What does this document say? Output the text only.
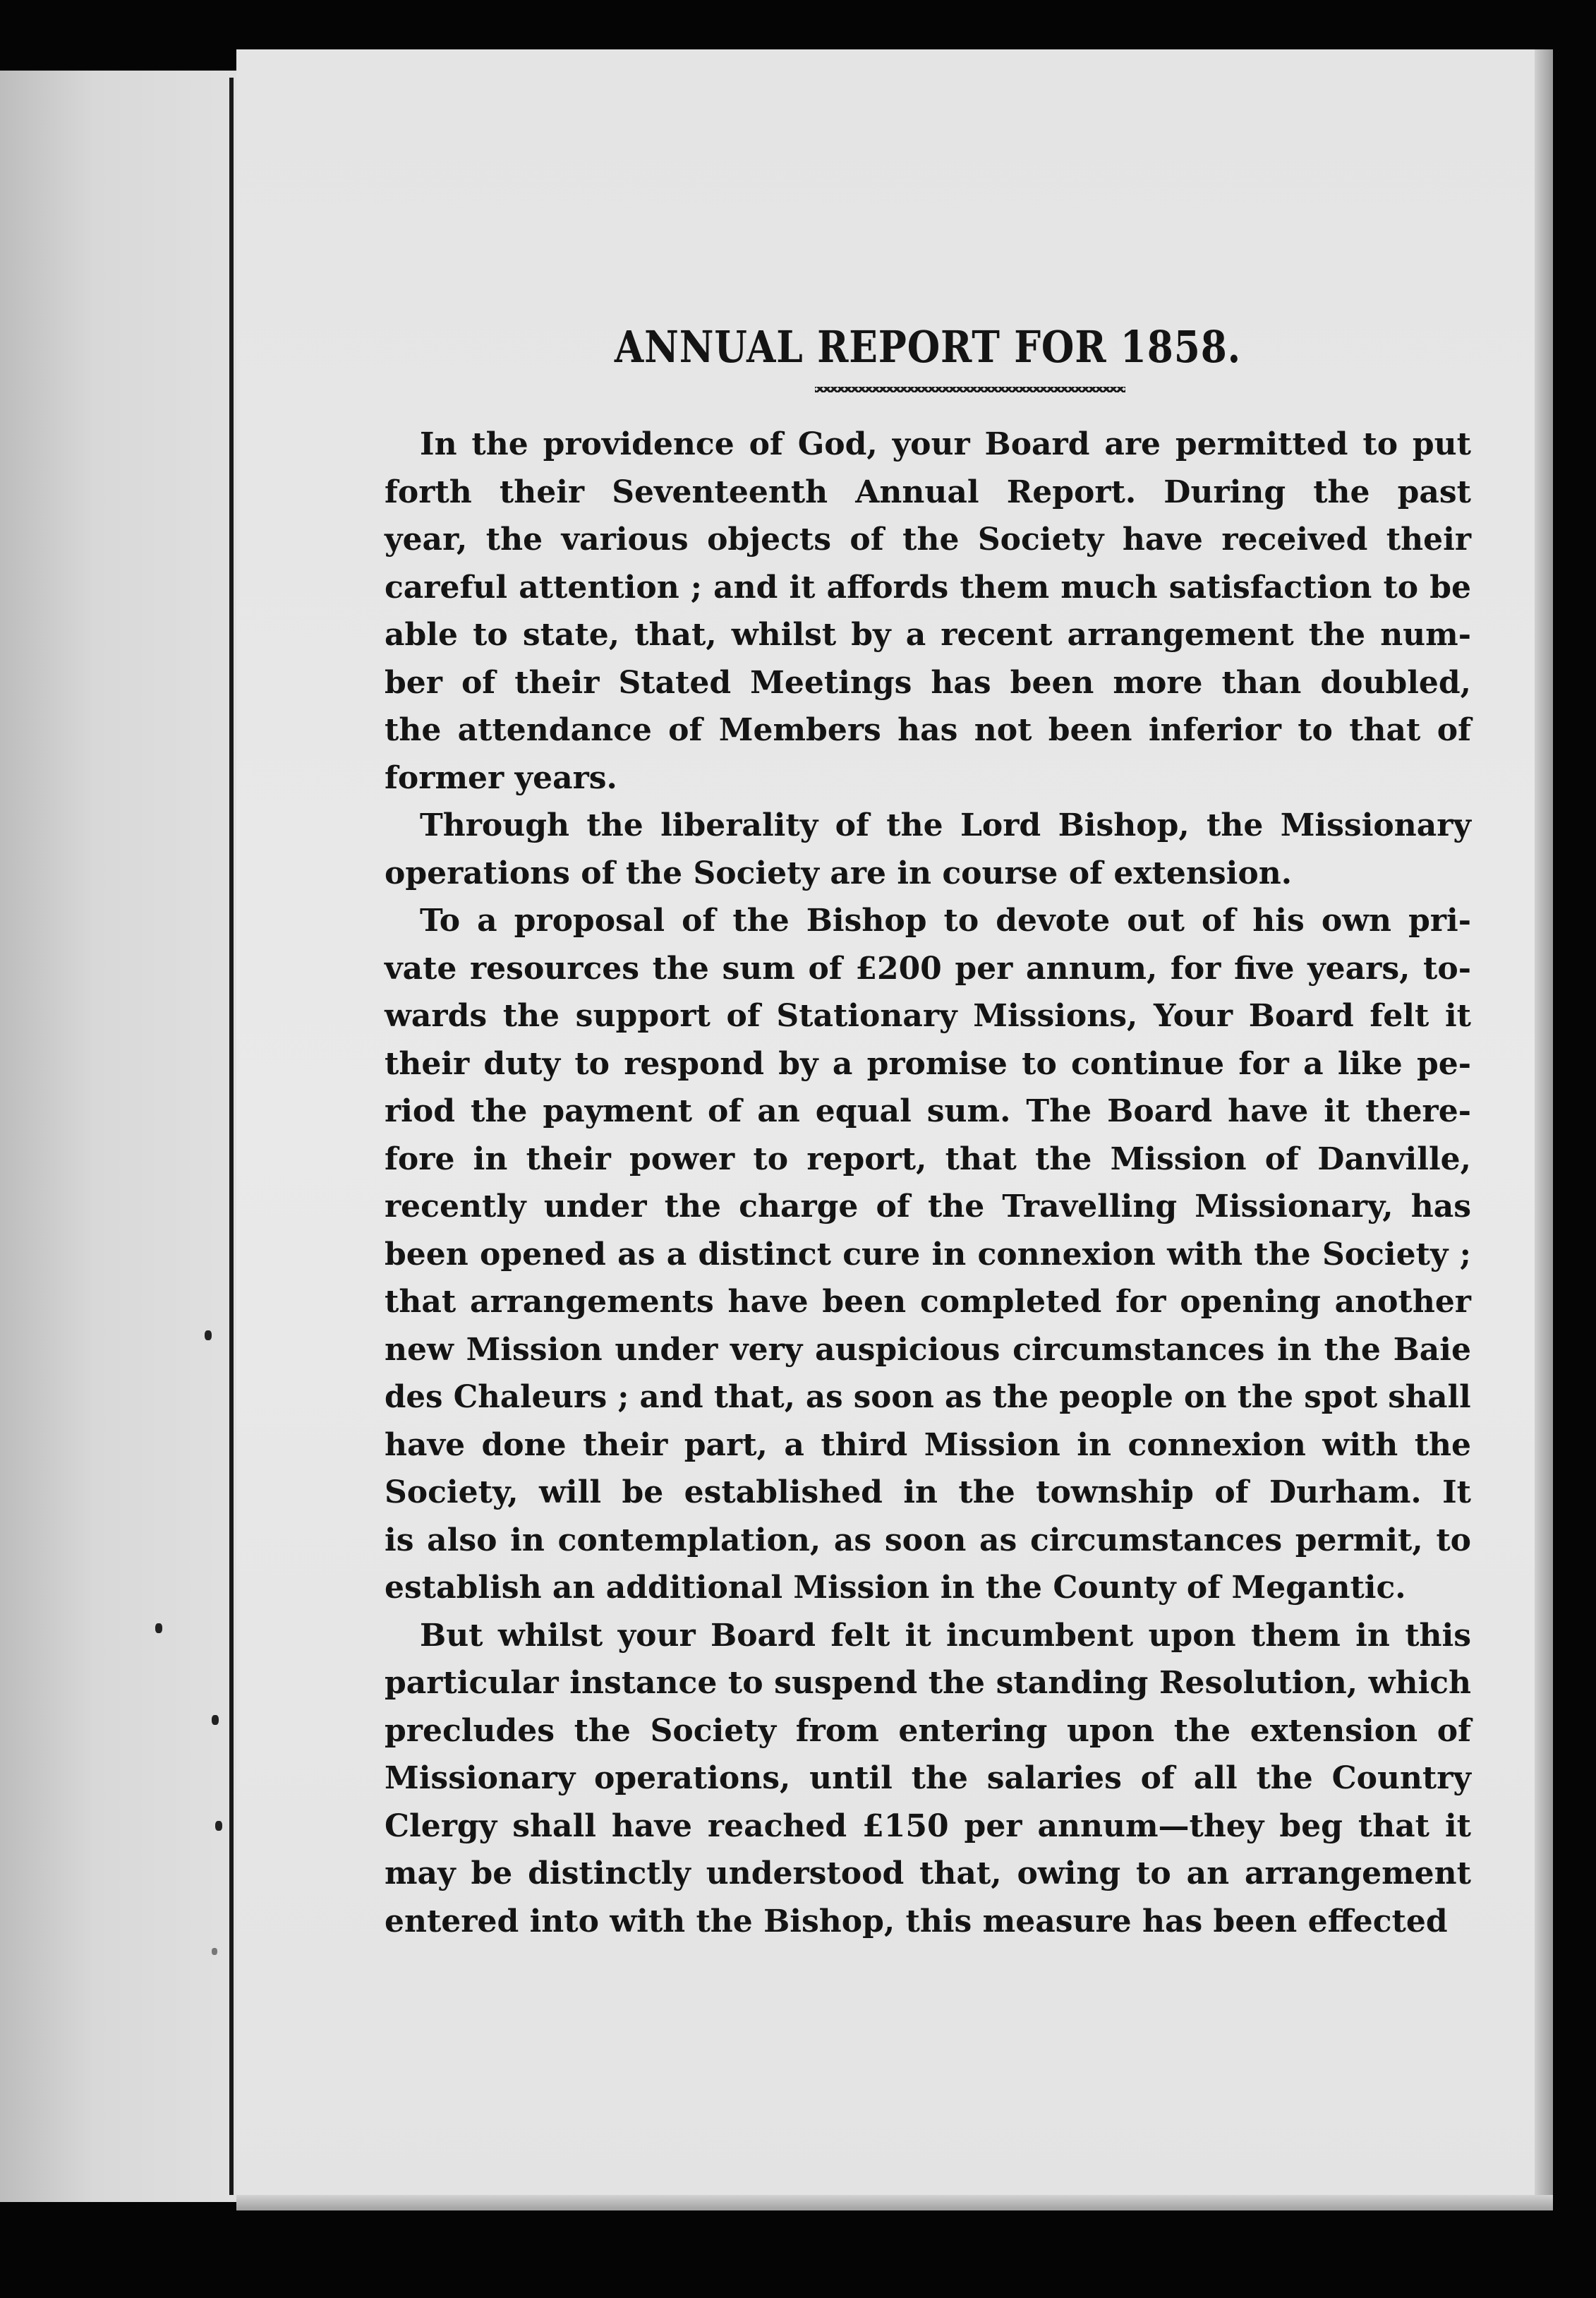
ANNUAL REPORT FOR 1858.
In the providence of God, your Board are permitted to put
forth their Seventeenth Annual Report. During the past
year, the various objects of the Society have received their
careful attention ; and it affords them much satisfaction to be
able to state, that, whilst by a recent arrangement the num-
ber of their Stated Meetings has been more than doubled,
the attendance of Members has not been inferior to that of
former years.
Through the liberality of the Lord Bishop, the Missionary
operations of the Society are in course of extension.
To a proposal of the Bishop to devote out of his own pri-
vate resources the sum of £200 per annum, for five years, to-
wards the support of Stationary Missions, Your Board felt it
their duty to respond by a promise to continue for a like pe-
riod the payment of an equal sum. The Board have it there-
fore in their power to report, that the Mission of Danville,
recently under the charge of the Travelling Missionary, has
been opened as a distinct cure in connexion with the Society ;
that arrangements have been completed for opening another
new Mission under very auspicious circumstances in the Baie
des Chaleurs ; and that, as soon as the people on the spot shall
have done their part, a third Mission in connexion with the
Society, will be established in the township of Durham. It
is also in contemplation, as soon as circumstances permit, to
establish an additional Mission in the County of Megantic.
But whilst your Board felt it incumbent upon them in this
particular instance to suspend the standing Resolution, which
precludes the Society from entering upon the extension of
Missionary operations, until the salaries of all the Country
Clergy shall have reached £150 per annum—they beg that it
may be distinctly understood that, owing to an arrangement
entered into with the Bishop, this measure has been effected
